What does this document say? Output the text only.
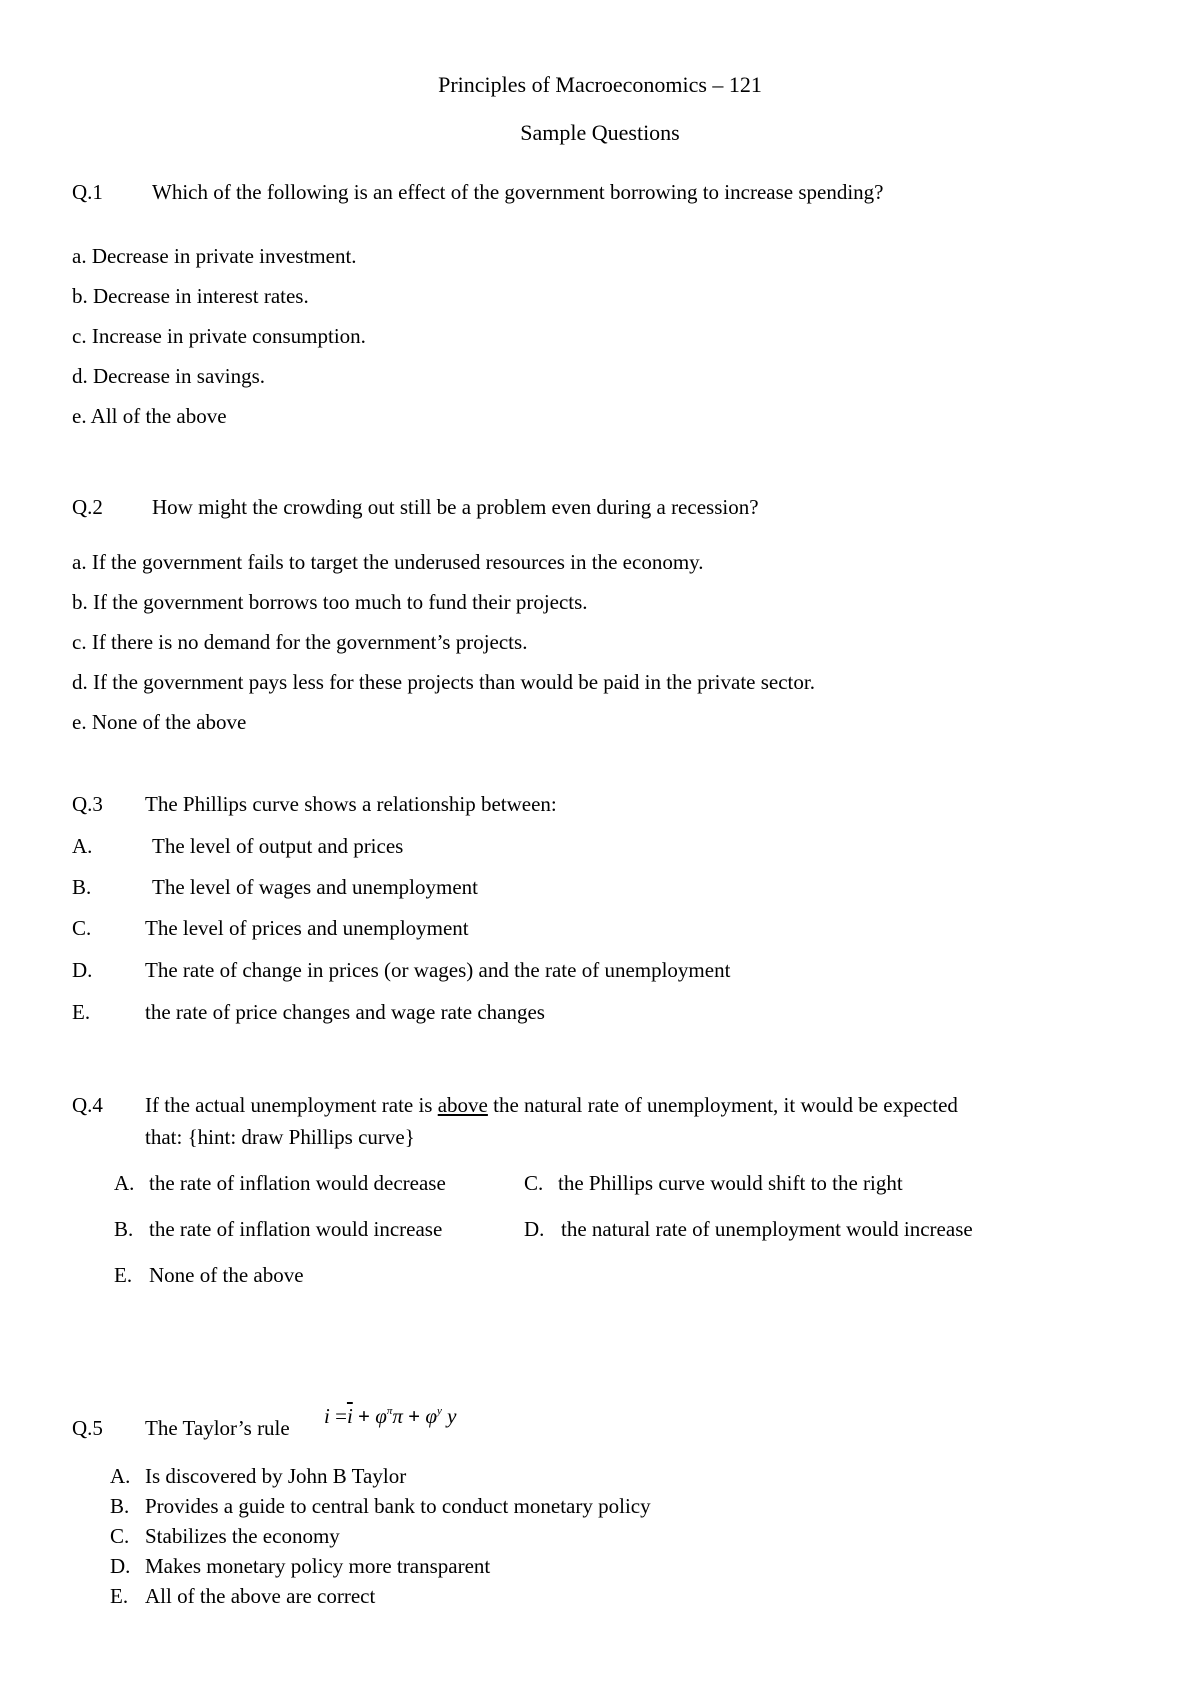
Principles of Macroeconomics – 121
Sample Questions
Q.1 Which of the following is an effect of the government borrowing to increase spending?
a. Decrease in private investment.
b. Decrease in interest rates.
c. Increase in private consumption.
d. Decrease in savings.
e. All of the above
Q.2 How might the crowding out still be a problem even during a recession?
a. If the government fails to target the underused resources in the economy.
b. If the government borrows too much to fund their projects.
c. If there is no demand for the government’s projects.
d. If the government pays less for these projects than would be paid in the private sector.
e. None of the above
Q.3 The Phillips curve shows a relationship between:
A.	The level of output and prices
B.	The level of wages and unemployment
C.	The level of prices and unemployment
D.	The rate of change in prices (or wages) and the rate of unemployment
E.	the rate of price changes and wage rate changes
Q.4 If the actual unemployment rate is above the natural rate of unemployment, it would be expected
that: {hint: draw Phillips curve}
A. the rate of inflation would decrease	C. the Phillips curve would shift to the right
B. the rate of inflation would increase	D. the natural rate of unemployment would increase
E. None of the above
Q.5 The Taylor’s rule $i =\overline{i} + \varphi^\pi\pi + \varphi^y$ y
A. Is discovered by John B Taylor
B. Provides a guide to central bank to conduct monetary policy
C. Stabilizes the economy
D. Makes monetary policy more transparent
E. All of the above are correct
